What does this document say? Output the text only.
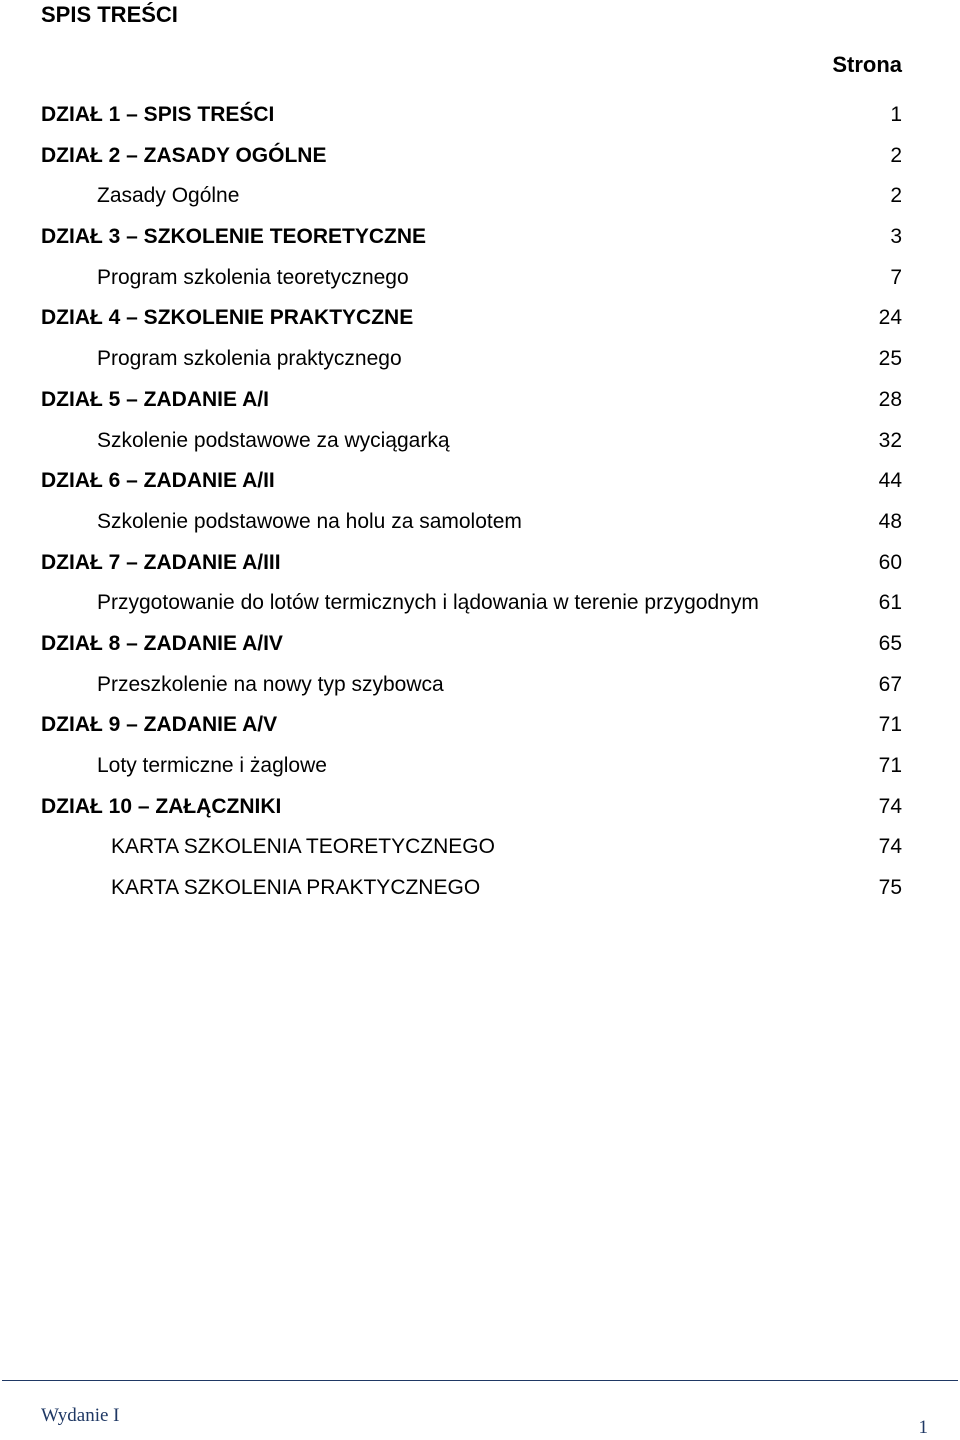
SPIS TREŚCI
Strona
DZIAŁ 1 – SPIS TREŚCI	1
DZIAŁ 2 – ZASADY OGÓLNE	2
Zasady Ogólne	2
DZIAŁ 3 – SZKOLENIE TEORETYCZNE	3
Program szkolenia teoretycznego	7
DZIAŁ 4 – SZKOLENIE PRAKTYCZNE	24
Program szkolenia praktycznego	25
DZIAŁ 5 – ZADANIE A/I	28
Szkolenie podstawowe za wyciągarką	32
DZIAŁ 6 – ZADANIE A/II	44
Szkolenie podstawowe na holu za samolotem	48
DZIAŁ 7 – ZADANIE A/III	60
Przygotowanie do lotów termicznych i lądowania w terenie przygodnym	61
DZIAŁ 8 – ZADANIE A/IV	65
Przeszkolenie na nowy typ szybowca	67
DZIAŁ 9 – ZADANIE A/V	71
Loty termiczne i żaglowe	71
DZIAŁ 10 – ZAŁĄCZNIKI	74
KARTA SZKOLENIA TEORETYCZNEGO	74
KARTA SZKOLENIA PRAKTYCZNEGO	75
Wydanie I
1
